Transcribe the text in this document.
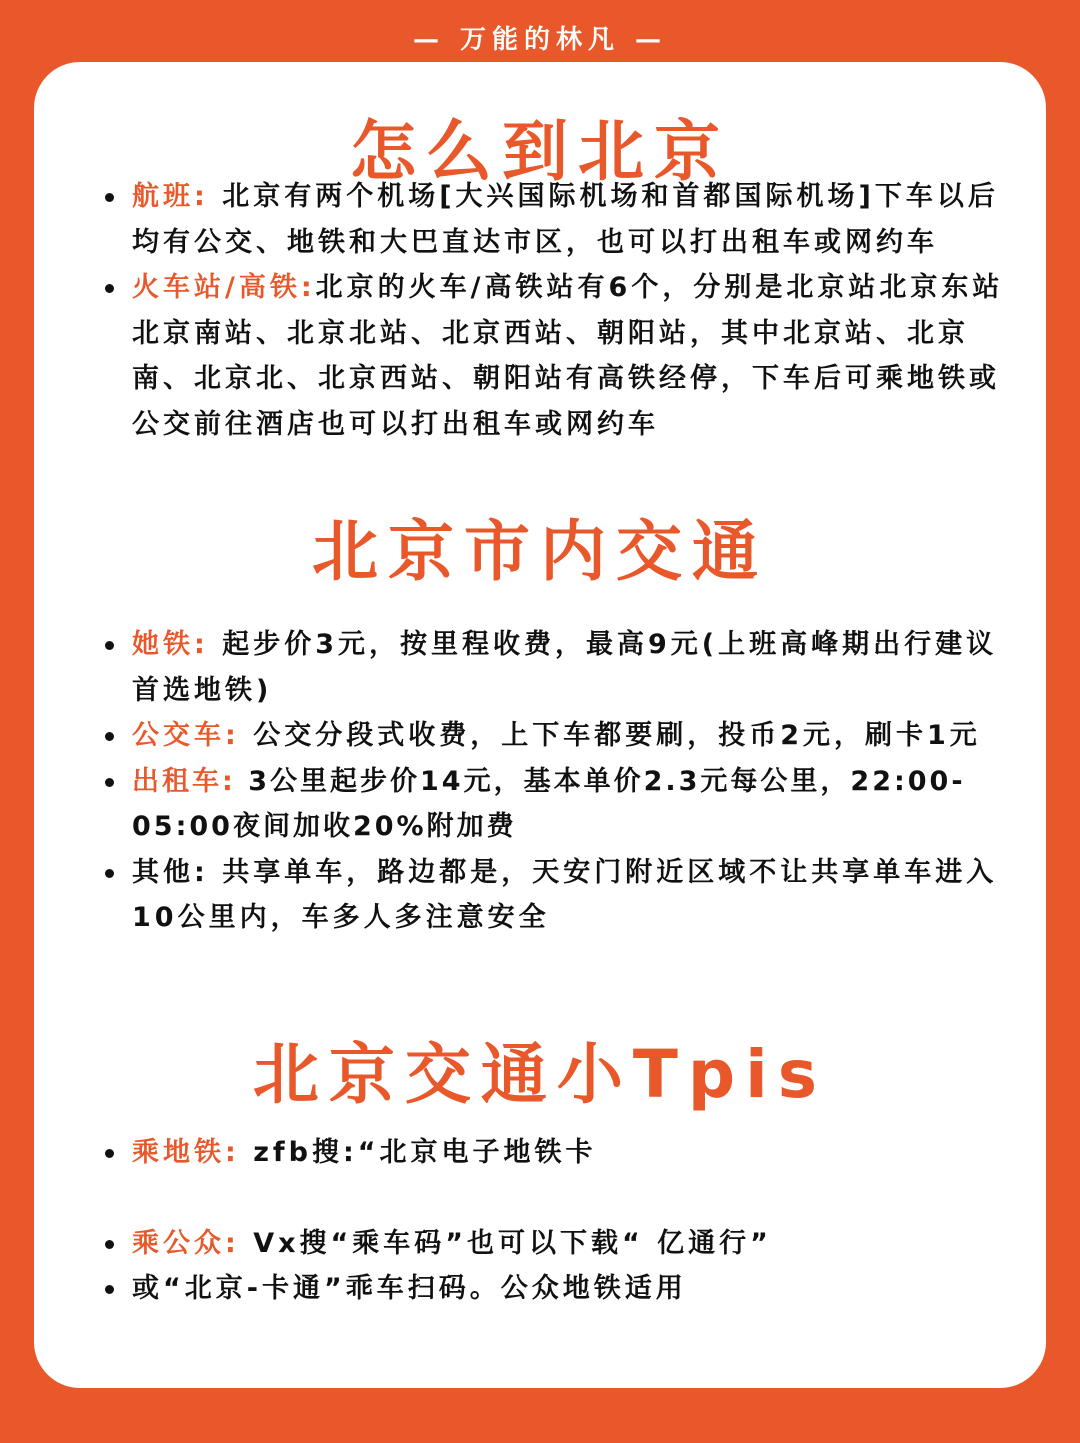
— 万能的林凡 —
怎么到北京
航班: 北京有两个机场[大兴国际机场和首都国际机场]下车以后均有公交、地铁和大巴直达市区，也可以打出租车或网约车
火车站/高铁:北京的火车/高铁站有6个，分别是北京站北京东站北京南站、北京北站、北京西站、朝阳站，其中北京站、北京南、北京北、北京西站、朝阳站有高铁经停，下车后可乘地铁或公交前往酒店也可以打出租车或网约车
北京市内交通
她铁: 起步价3元，按里程收费，最高9元(上班高峰期出行建议首选地铁)
公交车: 公交分段式收费，上下车都要刷，投币2元，刷卡1元
出租车: 3公里起步价14元，基本单价2.3元每公里，22:00-05:00夜间加收20%附加费
其他: 共享单车，路边都是，天安门附近区域不让共享单车进入10公里内，车多人多注意安全
北京交通小Tpis
乘地铁: zfb搜:“北京电子地铁卡
乘公众: Vx搜“乘车码”也可以下载“ 亿通行”
或“北京-卡通”乖车扫码。公众地铁适用
